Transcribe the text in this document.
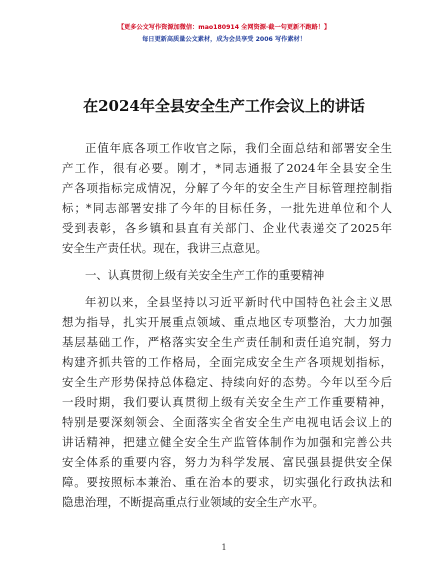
【更多公文写作资源加微信：mao180914 全网资源·截一句更新不跑路！】
每日更新高质量公文素材，成为会员享受 2006 写作素材！
在2024年全县安全生产工作会议上的讲话
正值年底各项工作收官之际，我们全面总结和部署安全生
产工作，很有必要。刚才，*同志通报了2024年全县安全生
产各项指标完成情况，分解了今年的安全生产目标管理控制指
标；*同志部署安排了今年的目标任务，一批先进单位和个人
受到表彰，各乡镇和县直有关部门、企业代表递交了2025年
安全生产责任状。现在，我讲三点意见。
一、认真贯彻上级有关安全生产工作的重要精神
年初以来，全县坚持以习近平新时代中国特色社会主义思
想为指导，扎实开展重点领域、重点地区专项整治，大力加强
基层基础工作，严格落实安全生产责任制和责任追究制，努力
构建齐抓共管的工作格局，全面完成安全生产各项规划指标，
安全生产形势保持总体稳定、持续向好的态势。今年以至今后
一段时期，我们要认真贯彻上级有关安全生产工作重要精神，
特别是要深刻领会、全面落实全省安全生产电视电话会议上的
讲话精神，把建立健全安全生产监管体制作为加强和完善公共
安全体系的重要内容，努力为科学发展、富民强县提供安全保
障。要按照标本兼治、重在治本的要求，切实强化行政执法和
隐患治理，不断提高重点行业领域的安全生产水平。
1
